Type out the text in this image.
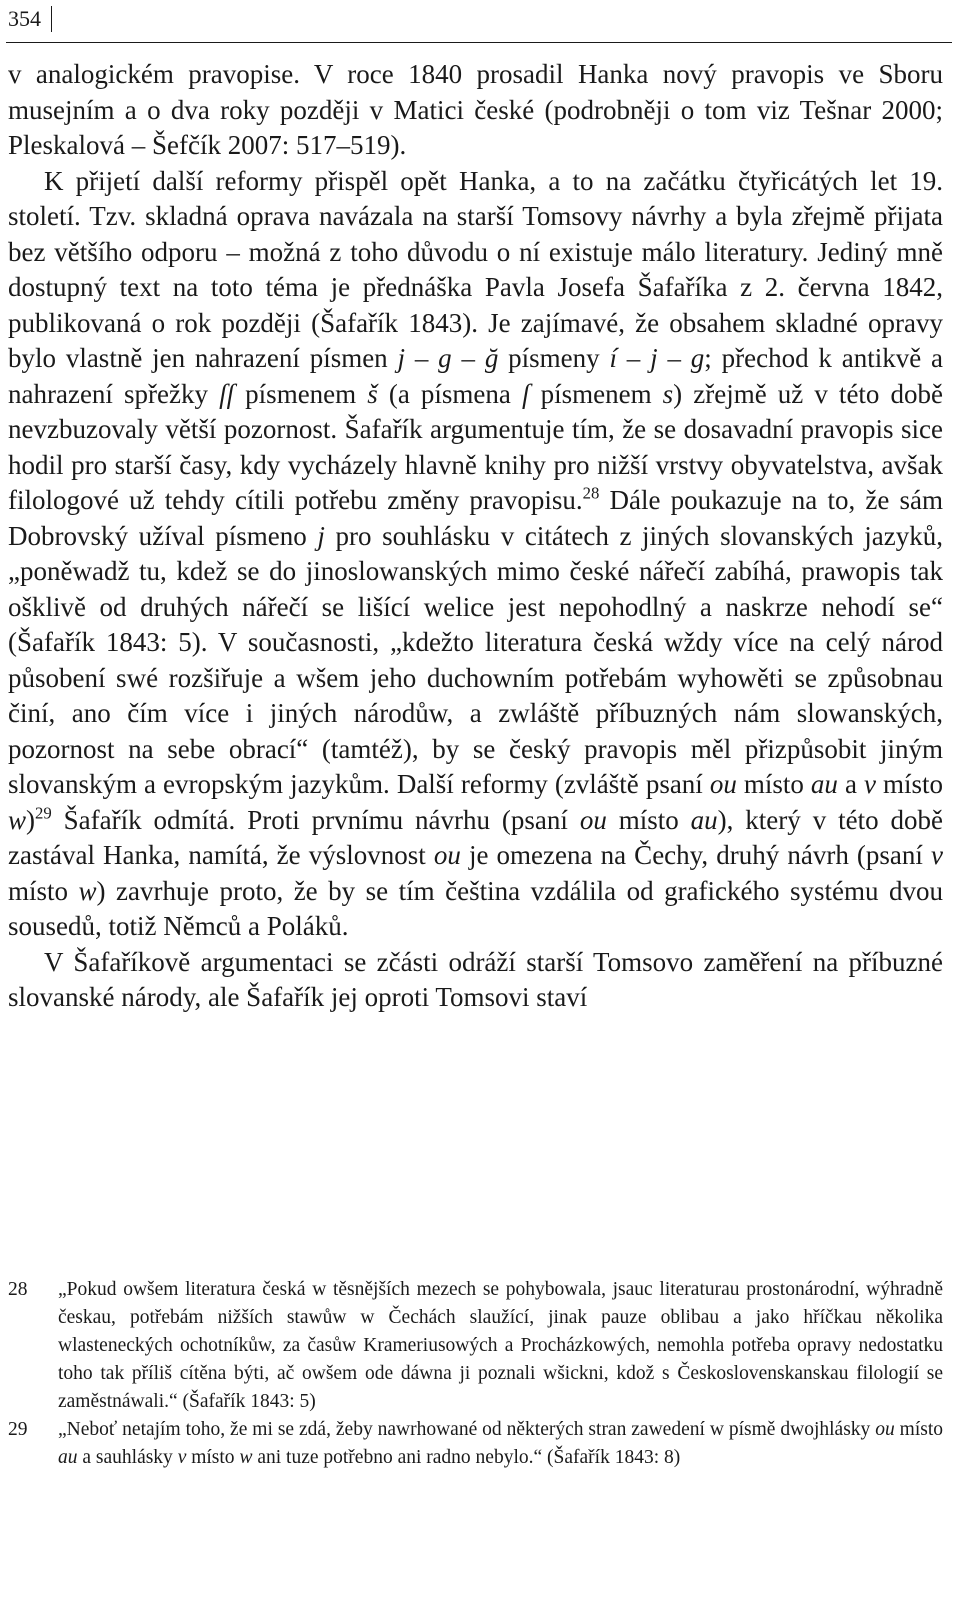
354

v analogickém pravopise. V roce 1840 prosadil Hanka nový pravopis ve Sboru musejním a o dva roky později v Matici české (podrobněji o tom viz Tešnar 2000; Pleskalová – Šefčík 2007: 517–519).

K přijetí další reformy přispěl opět Hanka, a to na začátku čtyřicátých let 19. století. Tzv. skladná oprava navázala na starší Tomsovy návrhy a byla zřejmě přijata bez většího odporu – možná z toho důvodu o ní existuje málo literatury. Jediný mně dostupný text na toto téma je přednáška Pavla Josefa Šafaříka z 2. června 1842, publikovaná o rok později (Šafařík 1843). Je zajímavé, že obsahem skladné opravy bylo vlastně jen nahrazení písmen j – g – ğ písmeny í – j – g; přechod k antikvě a nahrazení spřežky ſſ písmenem š (a písmena ſ písmenem s) zřejmě už v této době nevzbuzovaly větší pozornost. Šafařík argumentuje tím, že se dosavadní pravopis sice hodil pro starší časy, kdy vycházely hlavně knihy pro nižší vrstvy obyvatelstva, avšak filologové už tehdy cítili potřebu změny pravopisu.$^{28}$ Dále poukazuje na to, že sám Dobrovský užíval písmeno j pro souhlásku v citátech z jiných slovanských jazyků, „poněwadž tu, kdež se do jinoslowanských mimo české nářečí zabíhá, prawopis tak ošklivě od druhých nářečí se lišící welice jest nepohodlný a naskrze nehodí se“ (Šafařík 1843: 5). V současnosti, „kdežto literatura česká wždy více na celý národ působení swé rozšiřuje a wšem jeho duchowním potřebám wyhowěti se způsobnau činí, ano čím více i jiných národůw, a zwláště příbuzných nám slowanských, pozornost na sebe obrací“ (tamtéž), by se český pravopis měl přizpůsobit jiným slovanským a evropským jazykům. Další reformy (zvláště psaní ou místo au a v místo w)$^{29}$ Šafařík odmítá. Proti prvnímu návrhu (psaní ou místo au), který v této době zastával Hanka, namítá, že výslovnost ou je omezena na Čechy, druhý návrh (psaní v místo w) zavrhuje proto, že by se tím čeština vzdálila od grafického systému dvou sousedů, totiž Němců a Poláků.

V Šafaříkově argumentaci se zčásti odráží starší Tomsovo zaměření na příbuzné slovanské národy, ale Šafařík jej oproti Tomsovi staví

28 „Pokud owšem literatura česká w těsnějších mezech se pohybowala, jsauc literaturau prostonárodní, wýhradně českau, potřebám nižších stawůw w Čechách slaužící, jinak pauze oblibau a jako hříčkau několika wlasteneckých ochotníkůw, za časůw Krameriusowých a Procházkowých, nemohla potřeba opravy nedostatku toho tak příliš cítěna býti, ač owšem ode dáwna ji poznali wšickni, kdož s Československanskau filologií se zaměstnáwali.“ (Šafařík 1843: 5)

29 „Neboť netajím toho, že mi se zdá, žeby nawrhowané od některých stran zawedení w písmě dwojhlásky ou místo au a sauhlásky v místo w ani tuze potřebno ani radno nebylo.“ (Šafařík 1843: 8)
